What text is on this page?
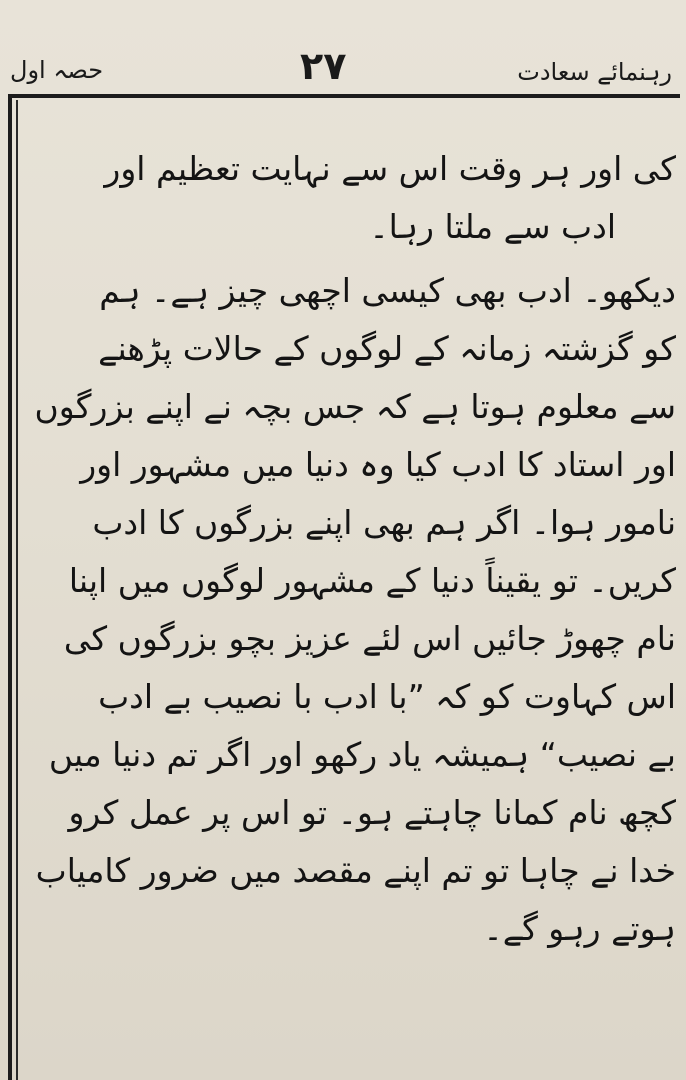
حصہ اول	۲۷	رہنمائے سعادت
کی اور ہر وقت اس سے نہایت تعظیم اور
ادب سے ملتا رہا۔
دیکھو۔ ادب بھی کیسی اچھی چیز ہے۔ ہم
کو گزشتہ زمانہ کے لوگوں کے حالات پڑھنے
سے معلوم ہوتا ہے کہ جس بچہ نے اپنے بزرگوں
اور استاد کا ادب کیا وہ دنیا میں مشہور اور
نامور ہوا۔ اگر ہم بھی اپنے بزرگوں کا ادب
کریں۔ تو یقیناً دنیا کے مشہور لوگوں میں اپنا
نام چھوڑ جائیں اس لئے عزیز بچو بزرگوں کی
اس کہاوت کو کہ ”با ادب با نصیب بے ادب
بے نصیب“ ہمیشہ یاد رکھو اور اگر تم دنیا میں
کچھ نام کمانا چاہتے ہو۔ تو اس پر عمل کرو
خدا نے چاہا تو تم اپنے مقصد میں ضرور کامیاب
ہوتے رہو گے۔
